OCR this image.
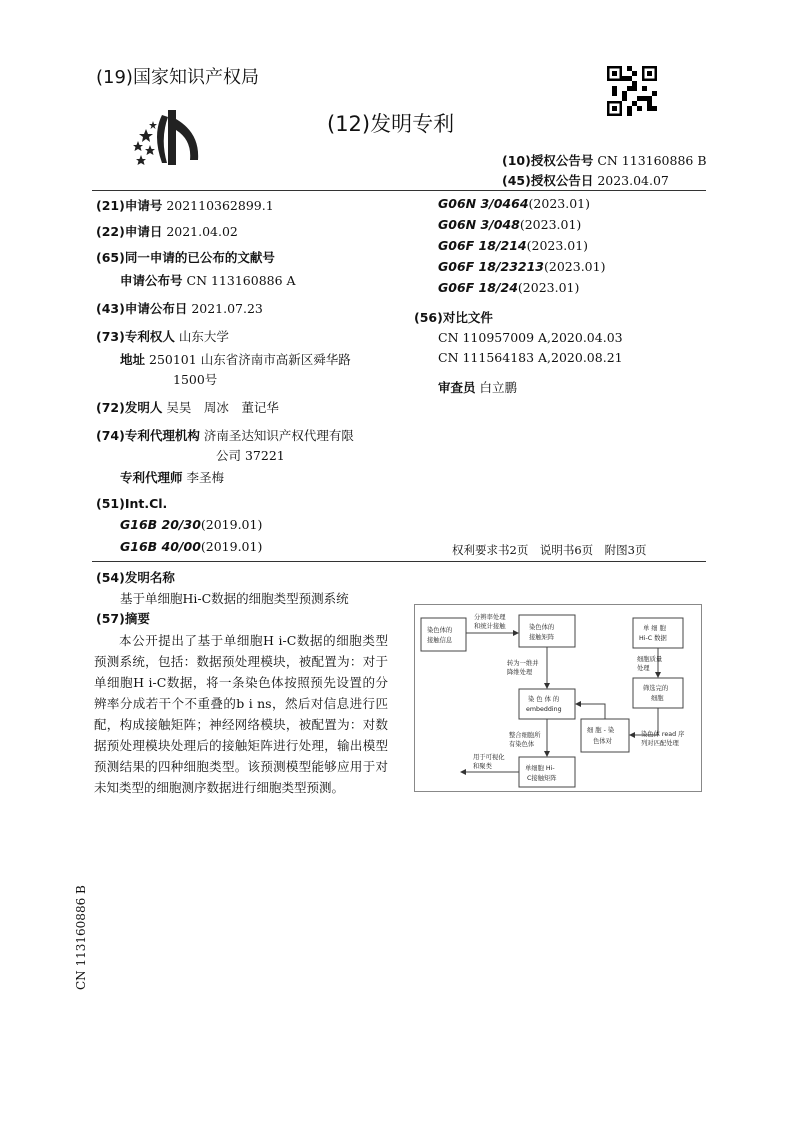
(19)国家知识产权局
(12)发明专利
(10)授权公告号 CN 113160886 B
(45)授权公告日 2023.04.07
(21)申请号 202110362899.1
(22)申请日 2021.04.02
(65)同一申请的已公布的文献号
申请公布号 CN 113160886 A
(43)申请公布日 2021.07.23
(73)专利权人 山东大学
地址 250101 山东省济南市高新区舜华路
1500号
(72)发明人 吴昊　周冰　董记华
(74)专利代理机构 济南圣达知识产权代理有限
公司 37221
专利代理师 李圣梅
(51)Int.Cl.
G16B 20/30(2019.01)
G16B 40/00(2019.01)
G06N 3/0464(2023.01)
G06N 3/048(2023.01)
G06F 18/214(2023.01)
G06F 18/23213(2023.01)
G06F 18/24(2023.01)
(56)对比文件
CN 110957009 A,2020.04.03
CN 111564183 A,2020.08.21
审查员 白立鹏
权利要求书2页　说明书6页　附图3页
(54)发明名称
基于单细胞Hi-C数据的细胞类型预测系统
(57)摘要
本公开提出了基于单细胞H i-C数据的细胞类型预测系统，包括：数据预处理模块，被配置为：对于单细胞H i-C数据，将一条染色体按照预先设置的分辨率分成若干个不重叠的b i ns，然后对信息进行匹配，构成接触矩阵；神经网络模块，被配置为：对数据预处理模块处理后的接触矩阵进行处理，输出模型预测结果的四种细胞类型。该预测模型能够应用于对未知类型的细胞测序数据进行细胞类型预测。
染色体的
接触信息
分辨率处理
和统计接触	染色体的
接触矩阵
转为一维并
降维处理
染 色 体 的
embedding
细 胞 - 染
色体对
整合细胞所
有染色体
单细胞 Hi-
C接触矩阵
用于可视化
和聚类
单 细 胞
Hi-C 数据
细胞质量
处理
筛选完的
细胞
染色体 read 序
列对匹配处理
CN 113160886 B
